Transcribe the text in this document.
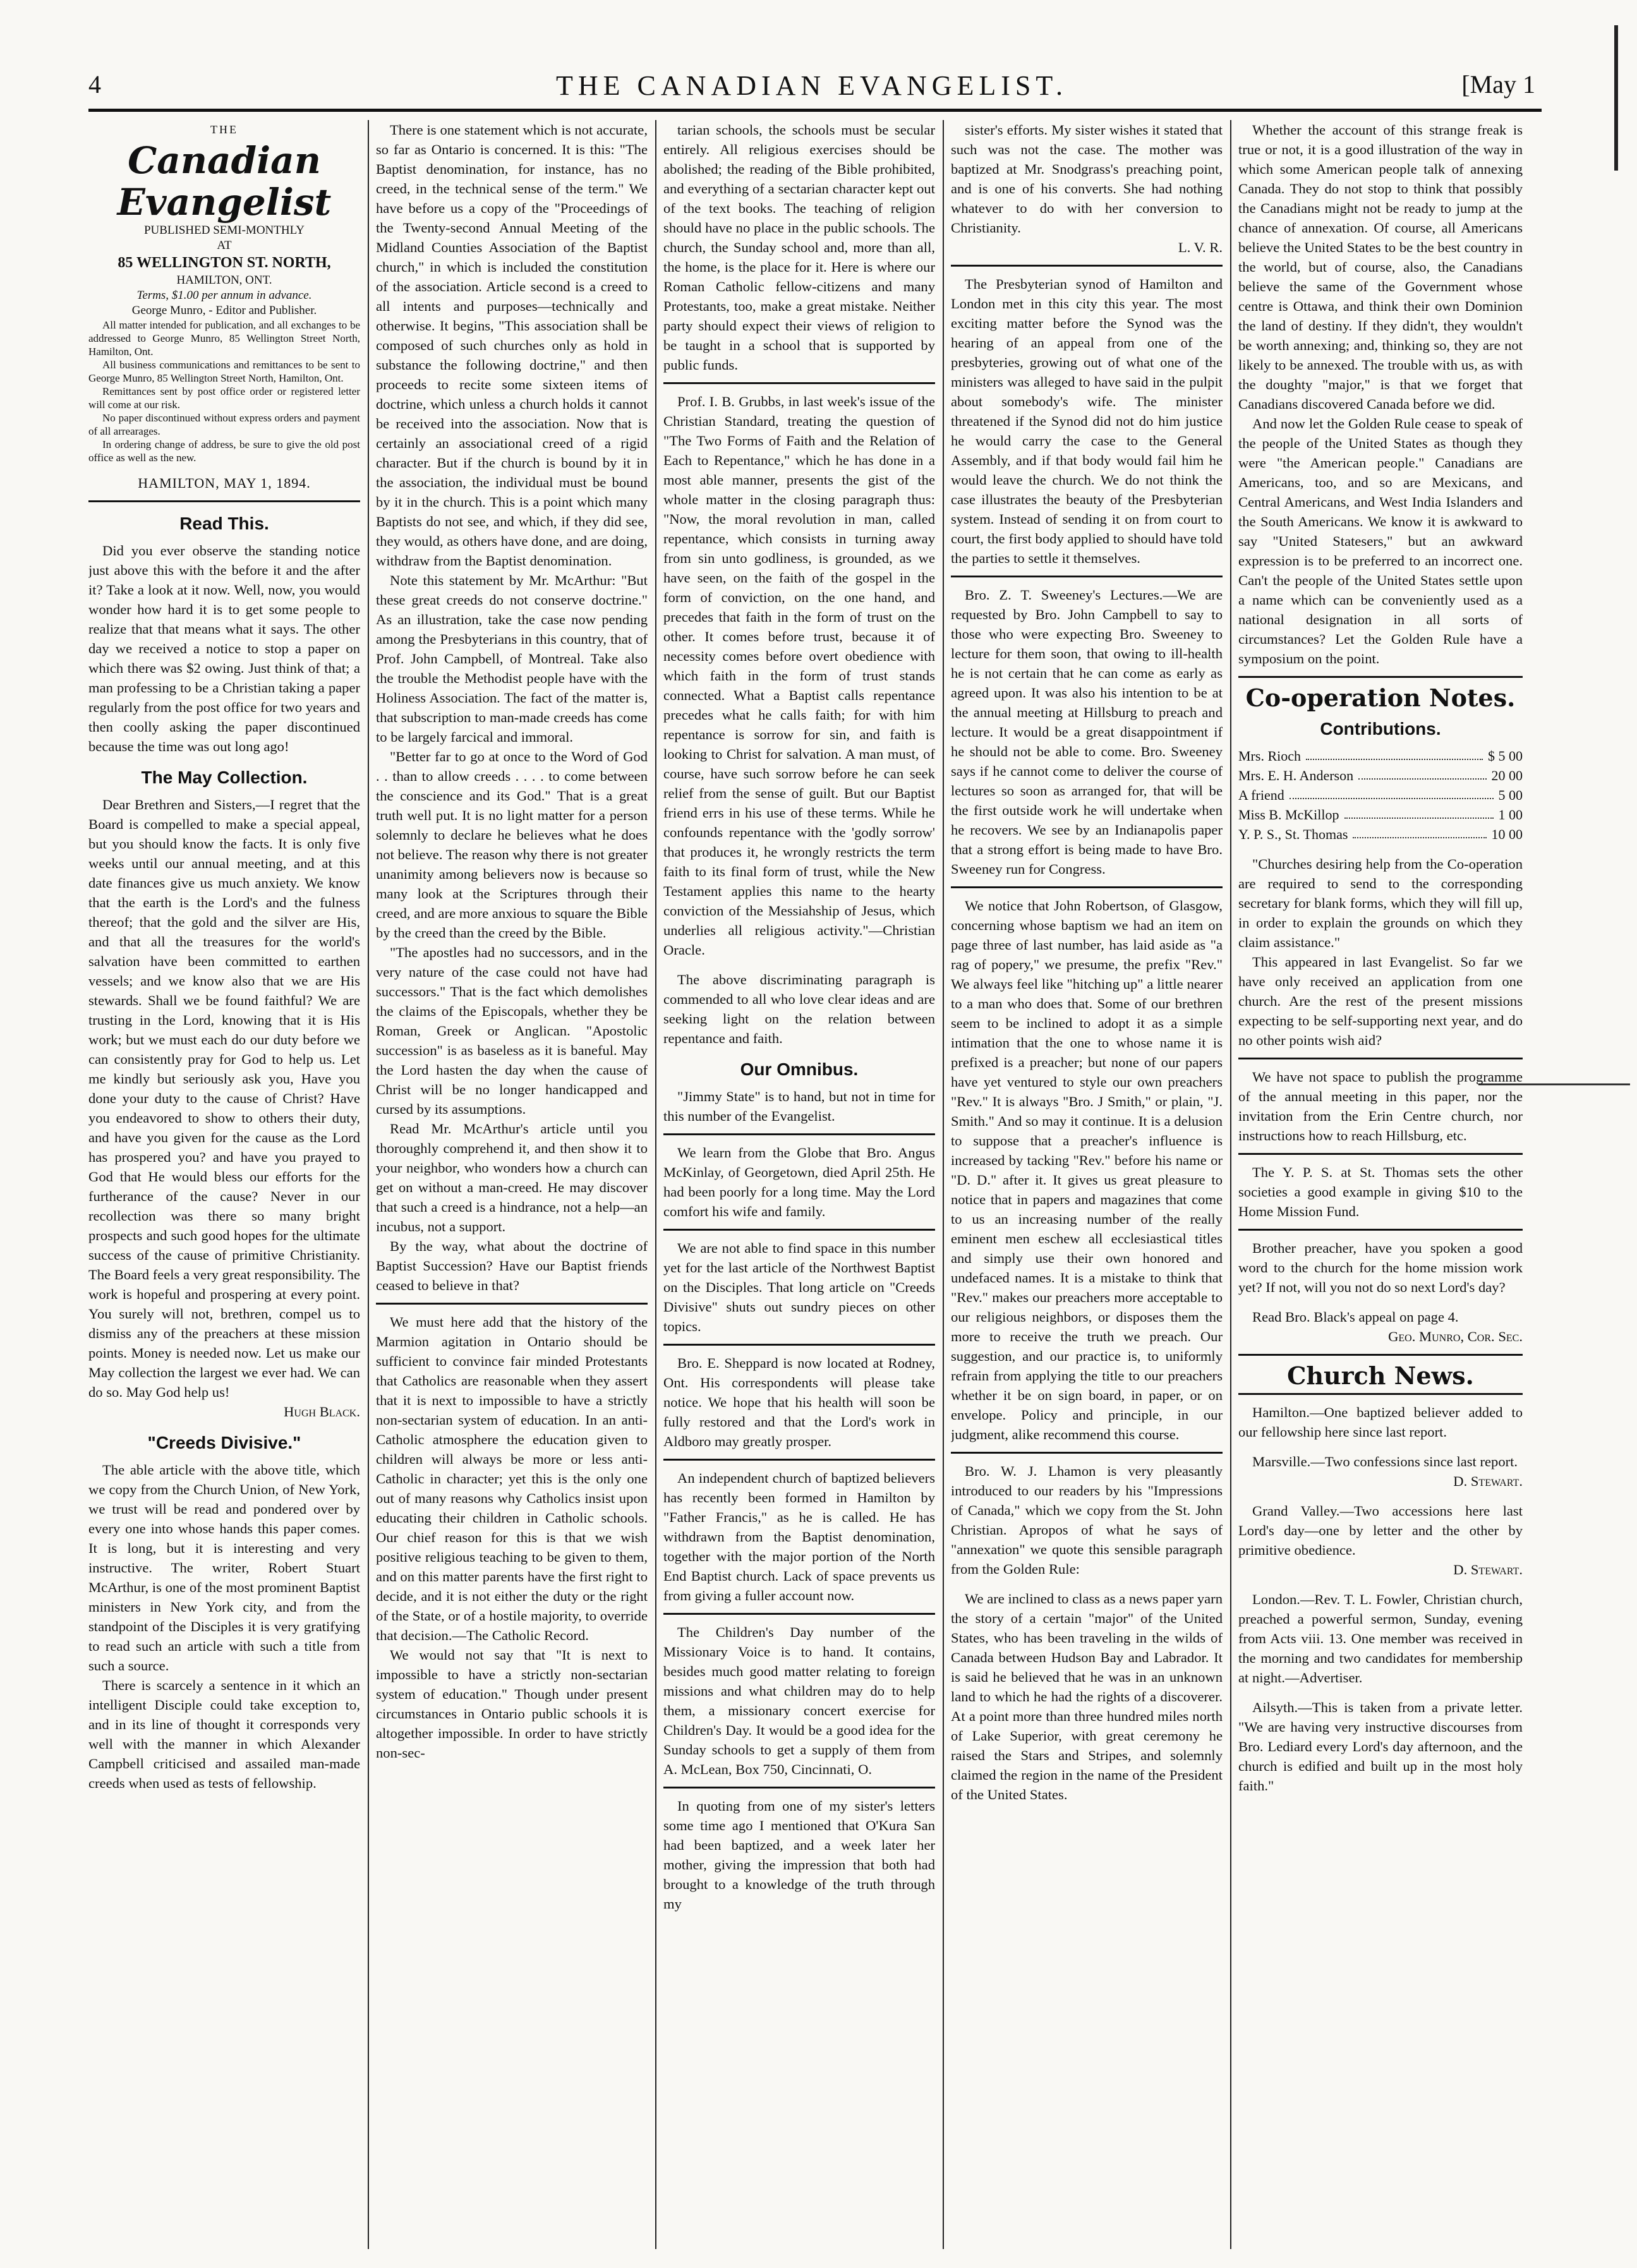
4	THE CANADIAN EVANGELIST.	[May 1
THE
Canadian Evangelist
PUBLISHED SEMI-MONTHLY
AT
85 WELLINGTON ST. NORTH,
HAMILTON, ONT.
Terms, $1.00 per annum in advance.
George Munro, - Editor and Publisher.

All matter intended for publication, and all exchanges to be addressed to George Munro, 85 Wellington Street North, Hamilton, Ont.

All business communications and remittances to be sent to George Munro, 85 Wellington Street North, Hamilton, Ont.

Remittances sent by post office order or registered letter will come at our risk.

No paper discontinued without express orders and payment of all arrearages.

In ordering change of address, be sure to give the old post office as well as the new.

HAMILTON, MAY 1, 1894.
Read This.

Did you ever observe the standing notice just above this with the before it and the after it? Take a look at it now. Well, now, you would wonder how hard it is to get some people to realize that that means what it says. The other day we received a notice to stop a paper on which there was $2 owing. Just think of that; a man professing to be a Christian taking a paper regularly from the post office for two years and then coolly asking the paper discontinued because the time was out long ago!

The May Collection.

Dear Brethren and Sisters,—I regret that the Board is compelled to make a special appeal, but you should know the facts. It is only five weeks until our annual meeting, and at this date finances give us much anxiety. We know that the earth is the Lord's and the fulness thereof; that the gold and the silver are His, and that all the treasures for the world's salvation have been committed to earthen vessels; and we know also that we are His stewards. Shall we be found faithful? We are trusting in the Lord, knowing that it is His work; but we must each do our duty before we can consistently pray for God to help us. Let me kindly but seriously ask you, Have you done your duty to the cause of Christ? Have you endeavored to show to others their duty, and have you given for the cause as the Lord has prospered you? and have you prayed to God that He would bless our efforts for the furtherance of the cause? Never in our recollection was there so many bright prospects and such good hopes for the ultimate success of the cause of primitive Christianity. The Board feels a very great responsibility. The work is hopeful and prospering at every point. You surely will not, brethren, compel us to dismiss any of the preachers at these mission points. Money is needed now. Let us make our May collection the largest we ever had. We can do so. May God help us!

Hugh Black.

"Creeds Divisive."

The able article with the above title, which we copy from the Church Union, of New York, we trust will be read and pondered over by every one into whose hands this paper comes. It is long, but it is interesting and very instructive. The writer, Robert Stuart McArthur, is one of the most prominent Baptist ministers in New York city, and from the standpoint of the Disciples it is very gratifying to read such an article with such a title from such a source.

There is scarcely a sentence in it which an intelligent Disciple could take exception to, and in its line of thought it corresponds very well with the manner in which Alexander Campbell criticised and assailed man-made creeds when used as tests of fellowship.

There is one statement which is not accurate, so far as Ontario is concerned. It is this: "The Baptist denomination, for instance, has no creed, in the technical sense of the term." We have before us a copy of the "Proceedings of the Twenty-second Annual Meeting of the Midland Counties Association of the Baptist church," in which is included the constitution of the association. Article second is a creed to all intents and purposes—technically and otherwise. It begins, "This association shall be composed of such churches only as hold in substance the following doctrine," and then proceeds to recite some sixteen items of doctrine, which unless a church holds it cannot be received into the association. Now that is certainly an associational creed of a rigid character. But if the church is bound by it in the association, the individual must be bound by it in the church. This is a point which many Baptists do not see, and which, if they did see, they would, as others have done, and are doing, withdraw from the Baptist denomination.

Note this statement by Mr. McArthur: "But these great creeds do not conserve doctrine." As an illustration, take the case now pending among the Presbyterians in this country, that of Prof. John Campbell, of Montreal. Take also the trouble the Methodist people have with the Holiness Association. The fact of the matter is, that subscription to man-made creeds has come to be largely farcical and immoral.

"Better far to go at once to the Word of God . . than to allow creeds . . . . to come between the conscience and its God." That is a great truth well put. It is no light matter for a person solemnly to declare he believes what he does not believe. The reason why there is not greater unanimity among believers now is because so many look at the Scriptures through their creed, and are more anxious to square the Bible by the creed than the creed by the Bible.

"The apostles had no successors, and in the very nature of the case could not have had successors." That is the fact which demolishes the claims of the Episcopals, whether they be Roman, Greek or Anglican. "Apostolic succession" is as baseless as it is baneful. May the Lord hasten the day when the cause of Christ will be no longer handicapped and cursed by its assumptions.

Read Mr. McArthur's article until you thoroughly comprehend it, and then show it to your neighbor, who wonders how a church can get on without a man-creed. He may discover that such a creed is a hindrance, not a help—an incubus, not a support.

By the way, what about the doctrine of Baptist Succession? Have our Baptist friends ceased to believe in that?

We must here add that the history of the Marmion agitation in Ontario should be sufficient to convince fair minded Protestants that Catholics are reasonable when they assert that it is next to impossible to have a strictly non-sectarian system of education. In an anti-Catholic atmosphere the education given to children will always be more or less anti-Catholic in character; yet this is the only one out of many reasons why Catholics insist upon educating their children in Catholic schools. Our chief reason for this is that we wish positive religious teaching to be given to them, and on this matter parents have the first right to decide, and it is not either the duty or the right of the State, or of a hostile majority, to override that decision.—The Catholic Record.

We would not say that "It is next to impossible to have a strictly non-sectarian system of education." Though under present circumstances in Ontario public schools it is altogether impossible. In order to have strictly non-sec-

tarian schools, the schools must be secular entirely. All religious exercises should be abolished; the reading of the Bible prohibited, and everything of a sectarian character kept out of the text books. The teaching of religion should have no place in the public schools. The church, the Sunday school and, more than all, the home, is the place for it. Here is where our Roman Catholic fellow-citizens and many Protestants, too, make a great mistake. Neither party should expect their views of religion to be taught in a school that is supported by public funds.

Prof. I. B. Grubbs, in last week's issue of the Christian Standard, treating the question of "The Two Forms of Faith and the Relation of Each to Repentance," which he has done in a most able manner, presents the gist of the whole matter in the closing paragraph thus: "Now, the moral revolution in man, called repentance, which consists in turning away from sin unto godliness, is grounded, as we have seen, on the faith of the gospel in the form of conviction, on the one hand, and precedes that faith in the form of trust on the other. It comes before trust, because it of necessity comes before overt obedience with which faith in the form of trust stands connected. What a Baptist calls repentance precedes what he calls faith; for with him repentance is sorrow for sin, and faith is looking to Christ for salvation. A man must, of course, have such sorrow before he can seek relief from the sense of guilt. But our Baptist friend errs in his use of these terms. While he confounds repentance with the 'godly sorrow' that produces it, he wrongly restricts the term faith to its final form of trust, while the New Testament applies this name to the hearty conviction of the Messiahship of Jesus, which underlies all religious activity."—Christian Oracle.

The above discriminating paragraph is commended to all who love clear ideas and are seeking light on the relation between repentance and faith.

Our Omnibus.

"Jimmy State" is to hand, but not in time for this number of the Evangelist.

We learn from the Globe that Bro. Angus McKinlay, of Georgetown, died April 25th. He had been poorly for a long time. May the Lord comfort his wife and family.

We are not able to find space in this number yet for the last article of the Northwest Baptist on the Disciples. That long article on "Creeds Divisive" shuts out sundry pieces on other topics.

Bro. E. Sheppard is now located at Rodney, Ont. His correspondents will please take notice. We hope that his health will soon be fully restored and that the Lord's work in Aldboro may greatly prosper.

An independent church of baptized believers has recently been formed in Hamilton by "Father Francis," as he is called. He has withdrawn from the Baptist denomination, together with the major portion of the North End Baptist church. Lack of space prevents us from giving a fuller account now.

The Children's Day number of the Missionary Voice is to hand. It contains, besides much good matter relating to foreign missions and what children may do to help them, a missionary concert exercise for Children's Day. It would be a good idea for the Sunday schools to get a supply of them from A. McLean, Box 750, Cincinnati, O.

In quoting from one of my sister's letters some time ago I mentioned that O'Kura San had been baptized, and a week later her mother, giving the impression that both had brought to a knowledge of the truth through my

sister's efforts. My sister wishes it stated that such was not the case. The mother was baptized at Mr. Snodgrass's preaching point, and is one of his converts. She had nothing whatever to do with her conversion to Christianity.

L. V. R.

The Presbyterian synod of Hamilton and London met in this city this year. The most exciting matter before the Synod was the hearing of an appeal from one of the presbyteries, growing out of what one of the ministers was alleged to have said in the pulpit about somebody's wife. The minister threatened if the Synod did not do him justice he would carry the case to the General Assembly, and if that body would fail him he would leave the church. We do not think the case illustrates the beauty of the Presbyterian system. Instead of sending it on from court to court, the first body applied to should have told the parties to settle it themselves.

Bro. Z. T. Sweeney's Lectures.—We are requested by Bro. John Campbell to say to those who were expecting Bro. Sweeney to lecture for them soon, that owing to ill-health he is not certain that he can come as early as agreed upon. It was also his intention to be at the annual meeting at Hillsburg to preach and lecture. It would be a great disappointment if he should not be able to come. Bro. Sweeney says if he cannot come to deliver the course of lectures so soon as arranged for, that will be the first outside work he will undertake when he recovers. We see by an Indianapolis paper that a strong effort is being made to have Bro. Sweeney run for Congress.

We notice that John Robertson, of Glasgow, concerning whose baptism we had an item on page three of last number, has laid aside as "a rag of popery," we presume, the prefix "Rev." We always feel like "hitching up" a little nearer to a man who does that. Some of our brethren seem to be inclined to adopt it as a simple intimation that the one to whose name it is prefixed is a preacher; but none of our papers have yet ventured to style our own preachers "Rev." It is always "Bro. J Smith," or plain, "J. Smith." And so may it continue. It is a delusion to suppose that a preacher's influence is increased by tacking "Rev." before his name or "D. D." after it. It gives us great pleasure to notice that in papers and magazines that come to us an increasing number of the really eminent men eschew all ecclesiastical titles and simply use their own honored and undefaced names. It is a mistake to think that "Rev." makes our preachers more acceptable to our religious neighbors, or disposes them the more to receive the truth we preach. Our suggestion, and our practice is, to uniformly refrain from applying the title to our preachers whether it be on sign board, in paper, or on envelope. Policy and principle, in our judgment, alike recommend this course.

Bro. W. J. Lhamon is very pleasantly introduced to our readers by his "Impressions of Canada," which we copy from the St. John Christian. Apropos of what he says of "annexation" we quote this sensible paragraph from the Golden Rule:

We are inclined to class as a news paper yarn the story of a certain "major" of the United States, who has been traveling in the wilds of Canada between Hudson Bay and Labrador. It is said he believed that he was in an unknown land to which he had the rights of a discoverer. At a point more than three hundred miles north of Lake Superior, with great ceremony he raised the Stars and Stripes, and solemnly claimed the region in the name of the President of the United States.

Whether the account of this strange freak is true or not, it is a good illustration of the way in which some American people talk of annexing Canada. They do not stop to think that possibly the Canadians might not be ready to jump at the chance of annexation. Of course, all Americans believe the United States to be the best country in the world, but of course, also, the Canadians believe the same of the Government whose centre is Ottawa, and think their own Dominion the land of destiny. If they didn't, they wouldn't be worth annexing; and, thinking so, they are not likely to be annexed. The trouble with us, as with the doughty "major," is that we forget that Canadians discovered Canada before we did.

And now let the Golden Rule cease to speak of the people of the United States as though they were "the American people." Canadians are Americans, too, and so are Mexicans, and Central Americans, and West India Islanders and the South Americans. We know it is awkward to say "United Statesers," but an awkward expression is to be preferred to an incorrect one. Can't the people of the United States settle upon a name which can be conveniently used as a national designation in all sorts of circumstances? Let the Golden Rule have a symposium on the point.

Co-operation Notes.
Contributions.
Mrs. Rioch	$ 5 00
Mrs. E. H. Anderson	20 00
A friend	5 00
Miss B. McKillop	1 00
Y. P. S., St. Thomas	10 00

"Churches desiring help from the Co-operation are required to send to the corresponding secretary for blank forms, which they will fill up, in order to explain the grounds on which they claim assistance."

This appeared in last Evangelist. So far we have only received an application from one church. Are the rest of the present missions expecting to be self-supporting next year, and do no other points wish aid?

We have not space to publish the programme of the annual meeting in this paper, nor the invitation from the Erin Centre church, nor instructions how to reach Hillsburg, etc.

The Y. P. S. at St. Thomas sets the other societies a good example in giving $10 to the Home Mission Fund.

Brother preacher, have you spoken a good word to the church for the home mission work yet? If not, will you not do so next Lord's day?

Read Bro. Black's appeal on page 4.

Geo. Munro, Cor. Sec.

Church News.

Hamilton.—One baptized believer added to our fellowship here since last report.

Marsville.—Two confessions since last report.

D. Stewart.

Grand Valley.—Two accessions here last Lord's day—one by letter and the other by primitive obedience.

D. Stewart.

London.—Rev. T. L. Fowler, Christian church, preached a powerful sermon, Sunday, evening from Acts viii. 13. One member was received in the morning and two candidates for membership at night.—Advertiser.

Ailsyth.—This is taken from a private letter. "We are having very instructive discourses from Bro. Lediard every Lord's day afternoon, and the church is edified and built up in the most holy faith."
